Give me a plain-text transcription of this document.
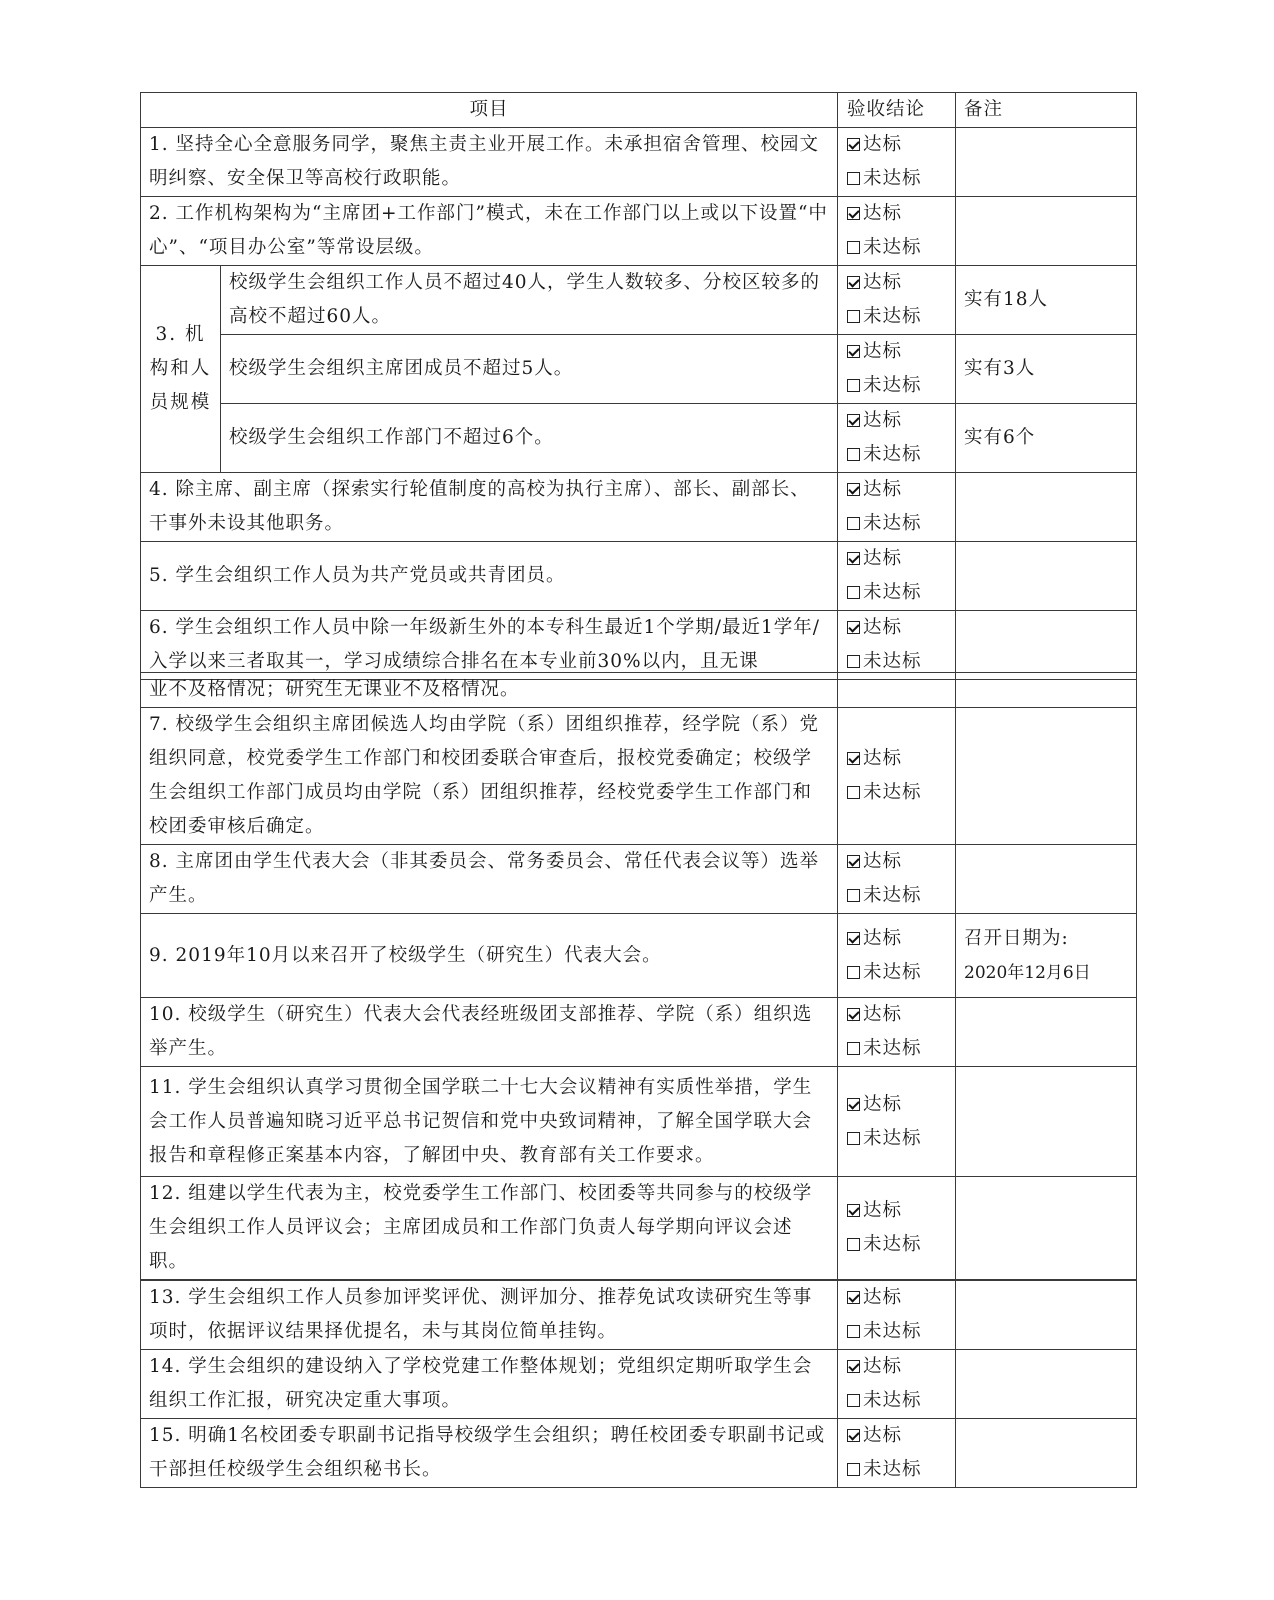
项目		验收结论	备注
1. 坚持全心全意服务同学，聚焦主责主业开展工作。未承担宿舍管理、校园文明纠察、安全保卫等高校行政职能。		达标
未达标	

2. 工作机构架构为“主席团+工作部门”模式，未在工作部门以上或以下设置“中心”、“项目办公室”等常设层级。		达标
未达标	

3. 机构和人员规模	校级学生会组织工作人员不超过40人，学生人数较多、分校区较多的高校不超过60人。	达标
未达标	实有18人
	校级学生会组织主席团成员不超过5人。	达标
未达标	实有3人
	校级学生会组织工作部门不超过6个。	达标
未达标	实有6个
4. 除主席、副主席（探索实行轮值制度的高校为执行主席）、部长、副部长、干事外未设其他职务。		达标
未达标	

5. 学生会组织工作人员为共产党员或共青团员。		达标
未达标	

6. 学生会组织工作人员中除一年级新生外的本专科生最近1个学期/最近1学年/入学以来三者取其一，学习成绩综合排名在本专业前30%以内，且无课		达标
未达标	

业不及格情况；研究生无课业不及格情况。		
7. 校级学生会组织主席团候选人均由学院（系）团组织推荐，经学院（系）党组织同意，校党委学生工作部门和校团委联合审查后，报校党委确定；校级学生会组织工作部门成员均由学院（系）团组织推荐，经校党委学生工作部门和校团委审核后确定。	达标
未达标	

8. 主席团由学生代表大会（非其委员会、常务委员会、常任代表会议等）选举产生。	达标
未达标	

9. 2019年10月以来召开了校级学生（研究生）代表大会。	达标
未达标	召开日期为:
2020年12月6日

10. 校级学生（研究生）代表大会代表经班级团支部推荐、学院（系）组织选举产生。	达标
未达标	

11. 学生会组织认真学习贯彻全国学联二十七大会议精神有实质性举措，学生会工作人员普遍知晓习近平总书记贺信和党中央致词精神，了解全国学联大会报告和章程修正案基本内容，了解团中央、教育部有关工作要求。	达标
未达标	

12. 组建以学生代表为主，校党委学生工作部门、校团委等共同参与的校级学生会组织工作人员评议会；主席团成员和工作部门负责人每学期向评议会述职。	达标
未达标	

13. 学生会组织工作人员参加评奖评优、测评加分、推荐免试攻读研究生等事项时，依据评议结果择优提名，未与其岗位简单挂钩。	达标
未达标	

14. 学生会组织的建设纳入了学校党建工作整体规划；党组织定期听取学生会组织工作汇报，研究决定重大事项。	达标
未达标	

15. 明确1名校团委专职副书记指导校级学生会组织；聘任校团委专职副书记或干部担任校级学生会组织秘书长。	达标
未达标	
